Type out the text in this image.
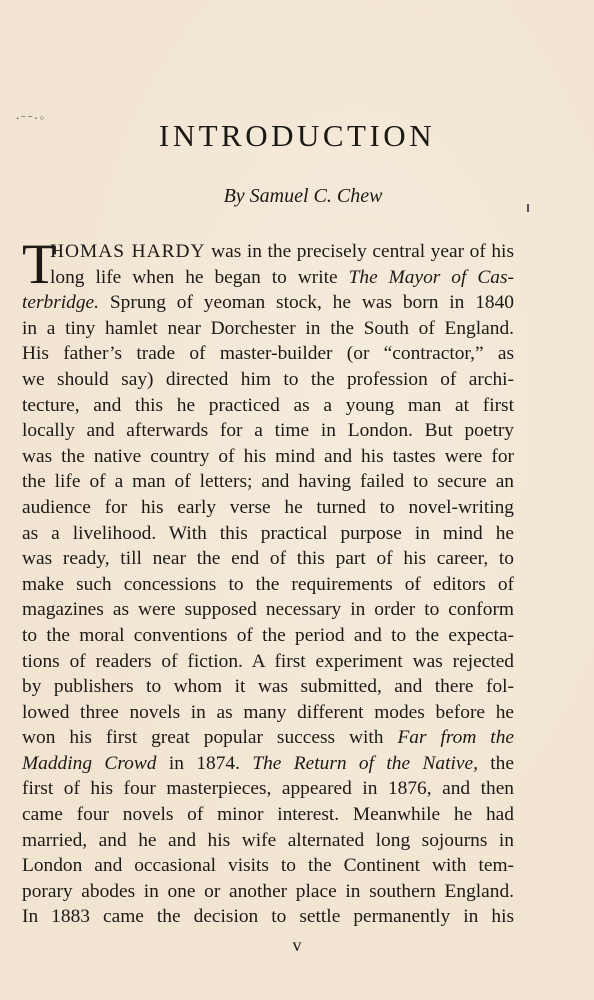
·⁻⁻·◦	INTRODUCTION
By Samuel C. Chew
T
HOMAS HARDY was in the precisely central year of his
long life when he began to write The Mayor of Cas-
terbridge. Sprung of yeoman stock, he was born in 1840
in a tiny hamlet near Dorchester in the South of England.
His father’s trade of master-builder (or “contractor,” as
we should say) directed him to the profession of archi-
tecture, and this he practiced as a young man at first
locally and afterwards for a time in London. But poetry
was the native country of his mind and his tastes were for
the life of a man of letters; and having failed to secure an
audience for his early verse he turned to novel-writing
as a livelihood. With this practical purpose in mind he
was ready, till near the end of this part of his career, to
make such concessions to the requirements of editors of
magazines as were supposed necessary in order to conform
to the moral conventions of the period and to the expecta-
tions of readers of fiction. A first experiment was rejected
by publishers to whom it was submitted, and there fol-
lowed three novels in as many different modes before he
won his first great popular success with Far from the
Madding Crowd in 1874. The Return of the Native, the
first of his four masterpieces, appeared in 1876, and then
came four novels of minor interest. Meanwhile he had
married, and he and his wife alternated long sojourns in
London and occasional visits to the Continent with tem-
porary abodes in one or another place in southern England.
In 1883 came the decision to settle permanently in his
v
